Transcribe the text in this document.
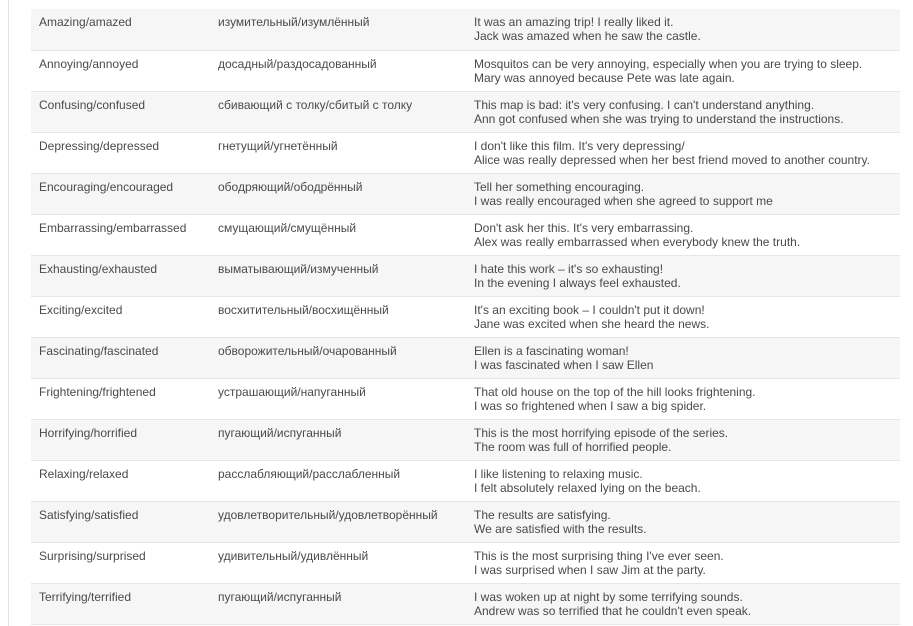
Amazing/amazed	изумительный/изумлённый	It was an amazing trip! I really liked it.
Jack was amazed when he saw the castle.

Annoying/annoyed	досадный/раздосадованный	Mosquitos can be very annoying, especially when you are trying to sleep.
Mary was annoyed because Pete was late again.

Confusing/confused	сбивающий с толку/сбитый с толку	This map is bad: it's very confusing. I can't understand anything.
Ann got confused when she was trying to understand the instructions.

Depressing/depressed	гнетущий/угнетённый	I don't like this film. It's very depressing/
Alice was really depressed when her best friend moved to another country.

Encouraging/encouraged	ободряющий/ободрённый	Tell her something encouraging.
I was really encouraged when she agreed to support me

Embarrassing/embarrassed	смущающий/смущённый	Don't ask her this. It's very embarrassing.
Alex was really embarrassed when everybody knew the truth.

Exhausting/exhausted	выматывающий/измученный	I hate this work – it's so exhausting!
In the evening I always feel exhausted.

Exciting/excited	восхитительный/восхищённый	It's an exciting book – I couldn't put it down!
Jane was excited when she heard the news.

Fascinating/fascinated	обворожительный/очарованный	Ellen is a fascinating woman!
I was fascinated when I saw Ellen

Frightening/frightened	устрашающий/напуганный	That old house on the top of the hill looks frightening.
I was so frightened when I saw a big spider.

Horrifying/horrified	пугающий/испуганный	This is the most horrifying episode of the series.
The room was full of horrified people.

Relaxing/relaxed	расслабляющий/расслабленный	I like listening to relaxing music.
I felt absolutely relaxed lying on the beach.

Satisfying/satisfied	удовлетворительный/удовлетворённый	The results are satisfying.
We are satisfied with the results.

Surprising/surprised	удивительный/удивлённый	This is the most surprising thing I've ever seen.
I was surprised when I saw Jim at the party.

Terrifying/terrified	пугающий/испуганный	I was woken up at night by some terrifying sounds.
Andrew was so terrified that he couldn't even speak.
